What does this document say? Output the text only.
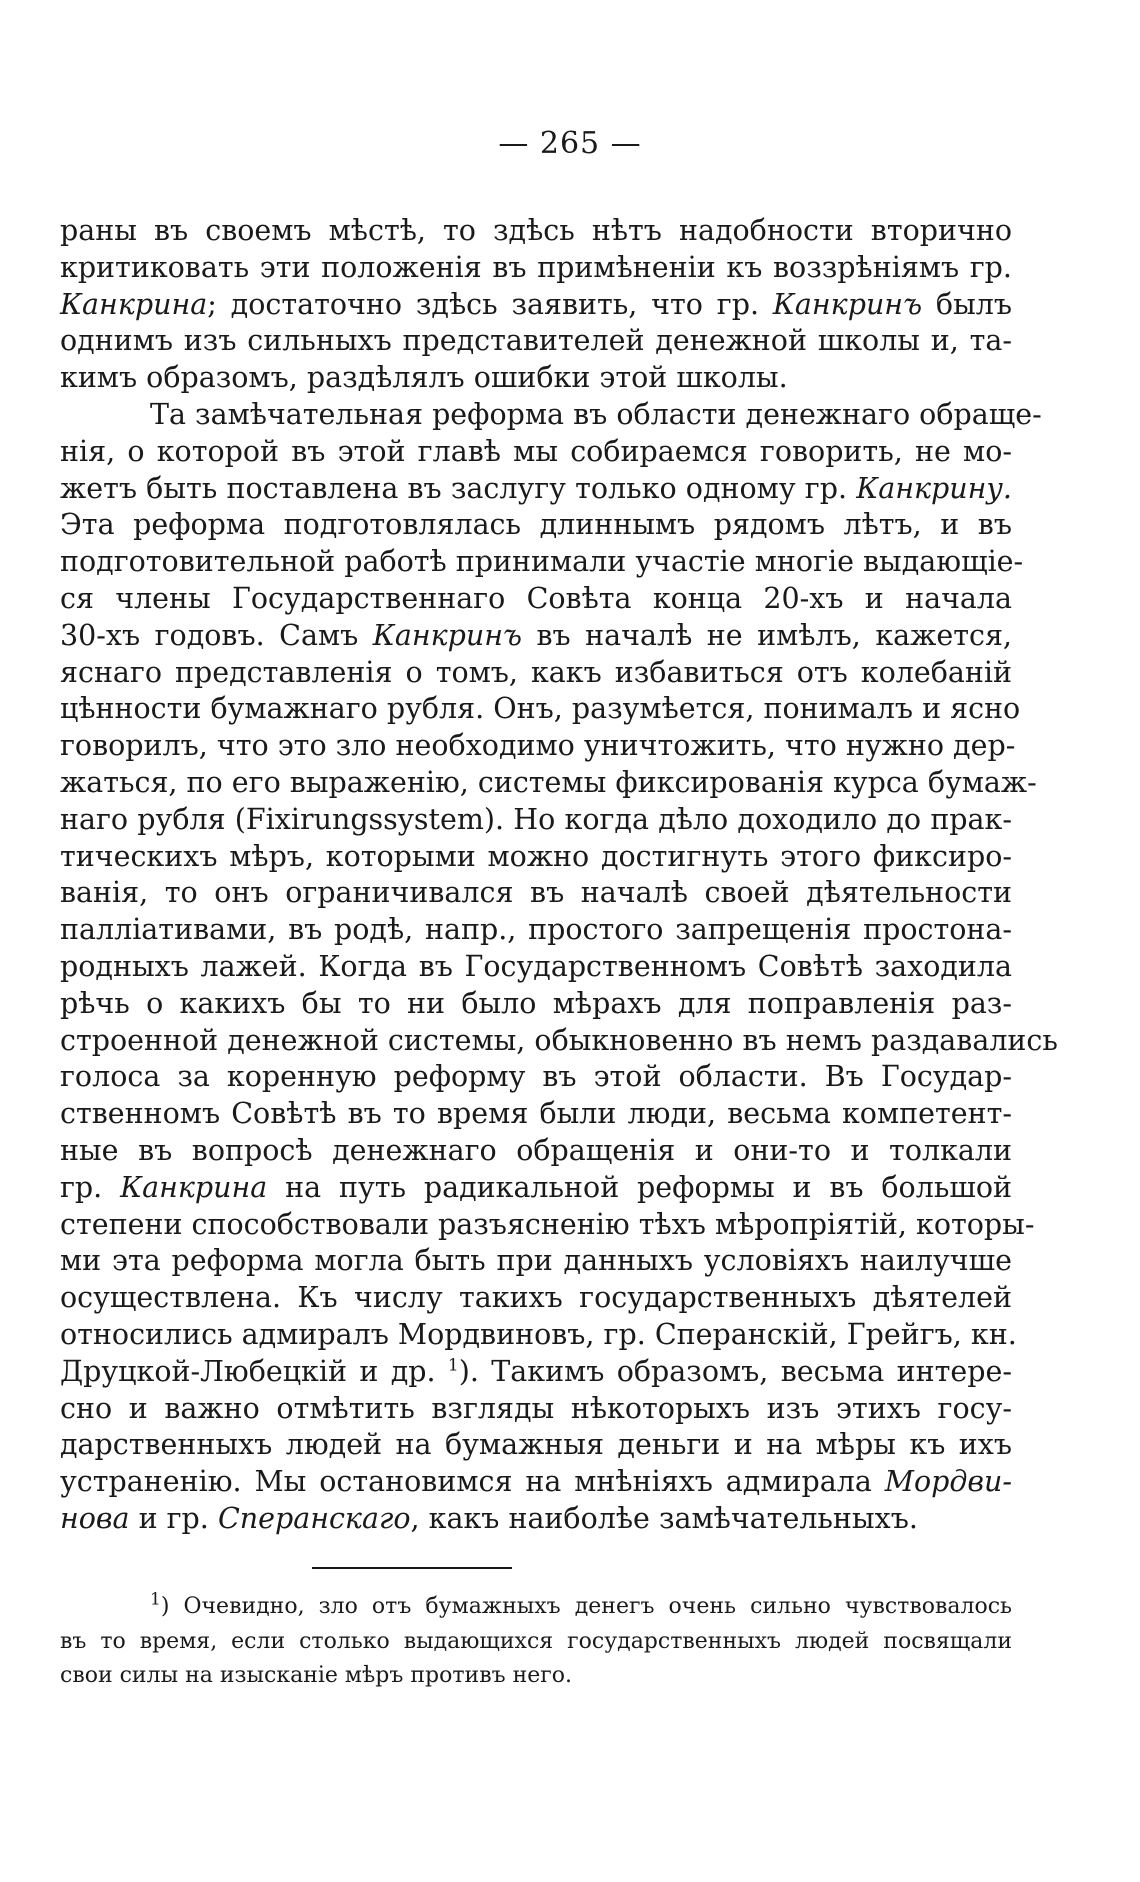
— 265 —
раны въ своемъ мѣстѣ, то здѣсь нѣтъ надобности вторично
критиковать эти положенія въ примѣненіи къ воззрѣніямъ гр.
Канкрина; достаточно здѣсь заявить, что гр. Канкринъ былъ
однимъ изъ сильныхъ представителей денежной школы и, та-
кимъ образомъ, раздѣлялъ ошибки этой школы.
Та замѣчательная реформа въ области денежнаго обраще-
нія, о которой въ этой главѣ мы собираемся говорить, не мо-
жетъ быть поставлена въ заслугу только одному гр. Канкрину.
Эта реформа подготовлялась длиннымъ рядомъ лѣтъ, и въ
подготовительной работѣ принимали участіе многіе выдающіе-
ся члены Государственнаго Совѣта конца 20-хъ и начала
30-хъ годовъ. Самъ Канкринъ въ началѣ не имѣлъ, кажется,
яснаго представленія о томъ, какъ избавиться отъ колебаній
цѣнности бумажнаго рубля. Онъ, разумѣется, понималъ и ясно
говорилъ, что это зло необходимо уничтожить, что нужно дер-
жаться, по его выраженію, системы фиксированія курса бумаж-
наго рубля (Fixirungssystem). Но когда дѣло доходило до прак-
тическихъ мѣръ, которыми можно достигнуть этого фиксиро-
ванія, то онъ ограничивался въ началѣ своей дѣятельности
палліативами, въ родѣ, напр., простого запрещенія простона-
родныхъ лажей. Когда въ Государственномъ Совѣтѣ заходила
рѣчь о какихъ бы то ни было мѣрахъ для поправленія раз-
строенной денежной системы, обыкновенно въ немъ раздавались
голоса за коренную реформу въ этой области. Въ Государ-
ственномъ Совѣтѣ въ то время были люди, весьма компетент-
ные въ вопросѣ денежнаго обращенія и они-то и толкали
гр. Канкрина на путь радикальной реформы и въ большой
степени способствовали разъясненію тѣхъ мѣропріятій, которы-
ми эта реформа могла быть при данныхъ условіяхъ наилучше
осуществлена. Къ числу такихъ государственныхъ дѣятелей
относились адмиралъ Мордвиновъ, гр. Сперанскій, Грейгъ, кн.
Друцкой-Любецкій и др. $^1$). Такимъ образомъ, весьма интере-
сно и важно отмѣтить взгляды нѣкоторыхъ изъ этихъ госу-
дарственныхъ людей на бумажныя деньги и на мѣры къ ихъ
устраненію. Мы остановимся на мнѣніяхъ адмирала Мордви-
нова и гр. Сперанскаго, какъ наиболѣе замѣчательныхъ.
$^1$) Очевидно, зло отъ бумажныхъ денегъ очень сильно чувствовалось
въ то время, если столько выдающихся государственныхъ людей посвящали
свои силы на изысканіе мѣръ противъ него.
